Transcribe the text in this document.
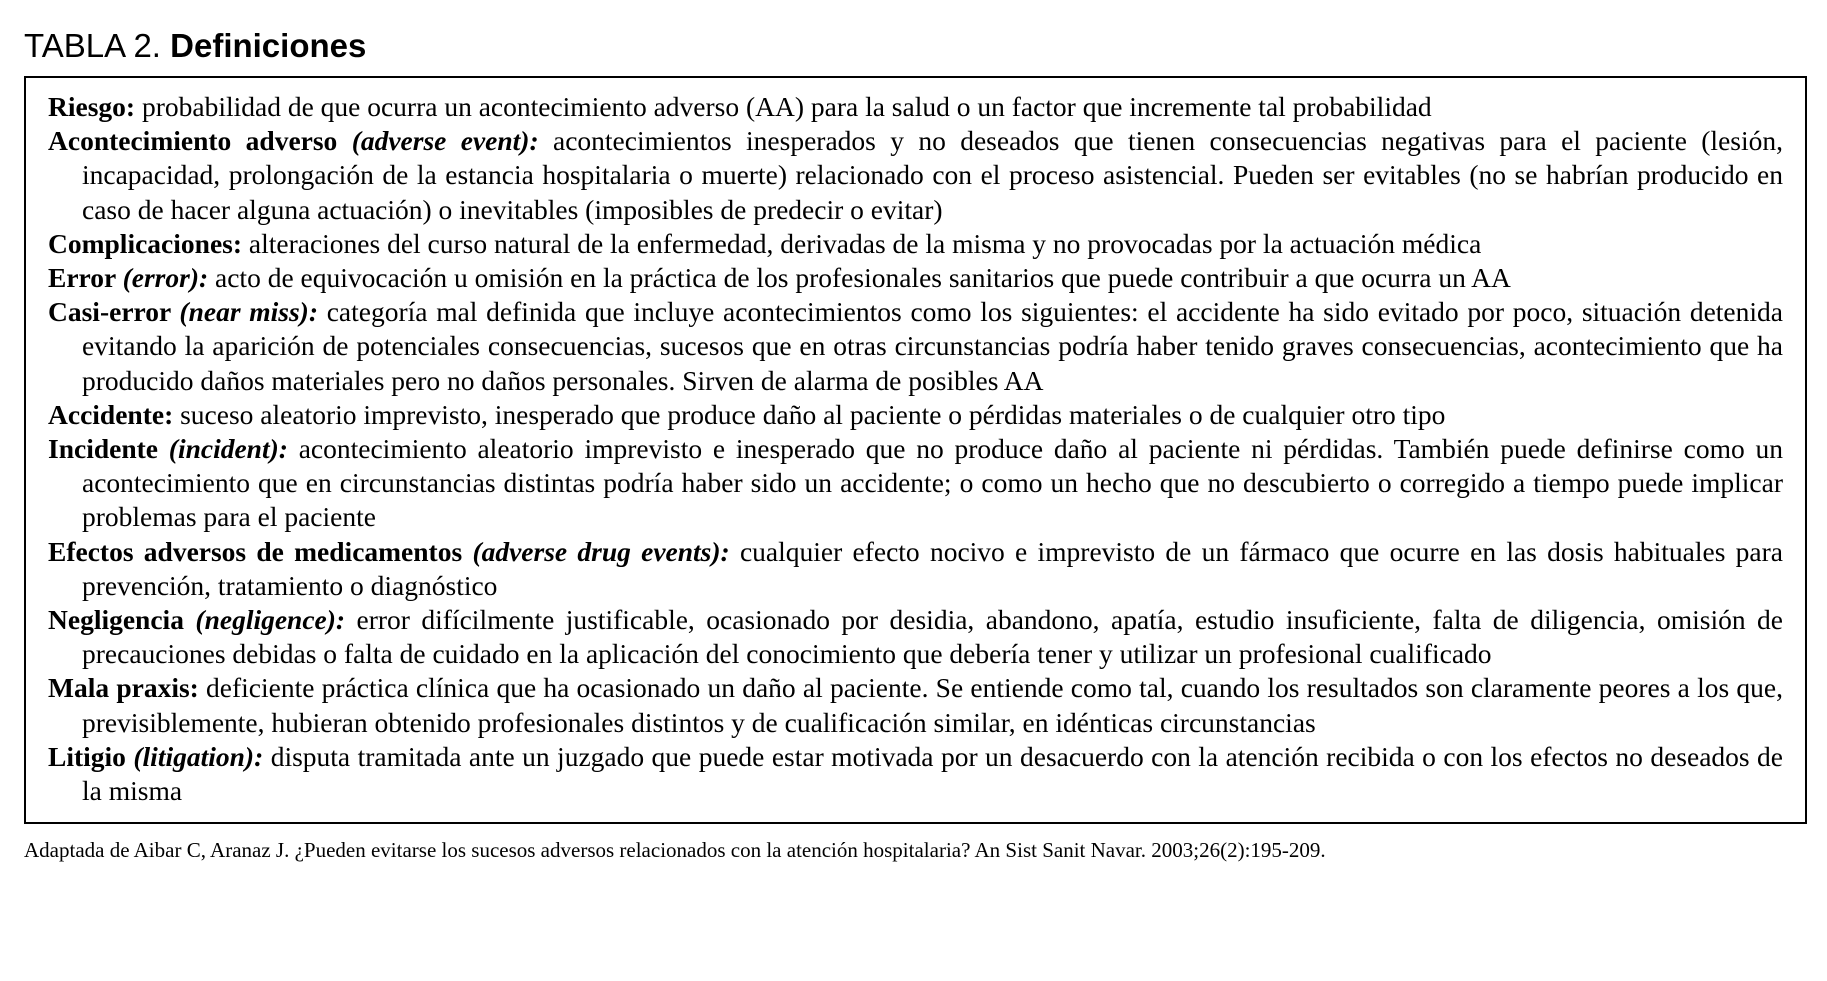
TABLA 2. Definiciones

Riesgo: probabilidad de que ocurra un acontecimiento adverso (AA) para la salud o un factor que incremente tal probabilidad

Acontecimiento adverso (adverse event): acontecimientos inesperados y no deseados que tienen consecuencias negativas para el paciente (lesión, incapacidad, prolongación de la estancia hospitalaria o muerte) relacionado con el proceso asistencial. Pueden ser evitables (no se habrían producido en caso de hacer alguna actuación) o inevitables (imposibles de predecir o evitar)

Complicaciones: alteraciones del curso natural de la enfermedad, derivadas de la misma y no provocadas por la actuación médica

Error (error): acto de equivocación u omisión en la práctica de los profesionales sanitarios que puede contribuir a que ocurra un AA

Casi-error (near miss): categoría mal definida que incluye acontecimientos como los siguientes: el accidente ha sido evitado por poco, situación detenida evitando la aparición de potenciales consecuencias, sucesos que en otras circunstancias podría haber tenido graves consecuencias, acontecimiento que ha producido daños materiales pero no daños personales. Sirven de alarma de posibles AA

Accidente: suceso aleatorio imprevisto, inesperado que produce daño al paciente o pérdidas materiales o de cualquier otro tipo

Incidente (incident): acontecimiento aleatorio imprevisto e inesperado que no produce daño al paciente ni pérdidas. También puede definirse como un acontecimiento que en circunstancias distintas podría haber sido un accidente; o como un hecho que no descubierto o corregido a tiempo puede implicar problemas para el paciente

Efectos adversos de medicamentos (adverse drug events): cualquier efecto nocivo e imprevisto de un fármaco que ocurre en las dosis habituales para prevención, tratamiento o diagnóstico

Negligencia (negligence): error difícilmente justificable, ocasionado por desidia, abandono, apatía, estudio insuficiente, falta de diligencia, omisión de precauciones debidas o falta de cuidado en la aplicación del conocimiento que debería tener y utilizar un profesional cualificado

Mala praxis: deficiente práctica clínica que ha ocasionado un daño al paciente. Se entiende como tal, cuando los resultados son claramente peores a los que, previsiblemente, hubieran obtenido profesionales distintos y de cualificación similar, en idénticas circunstancias

Litigio (litigation): disputa tramitada ante un juzgado que puede estar motivada por un desacuerdo con la atención recibida o con los efectos no deseados de la misma

Adaptada de Aibar C, Aranaz J. ¿Pueden evitarse los sucesos adversos relacionados con la atención hospitalaria? An Sist Sanit Navar. 2003;26(2):195-209.
